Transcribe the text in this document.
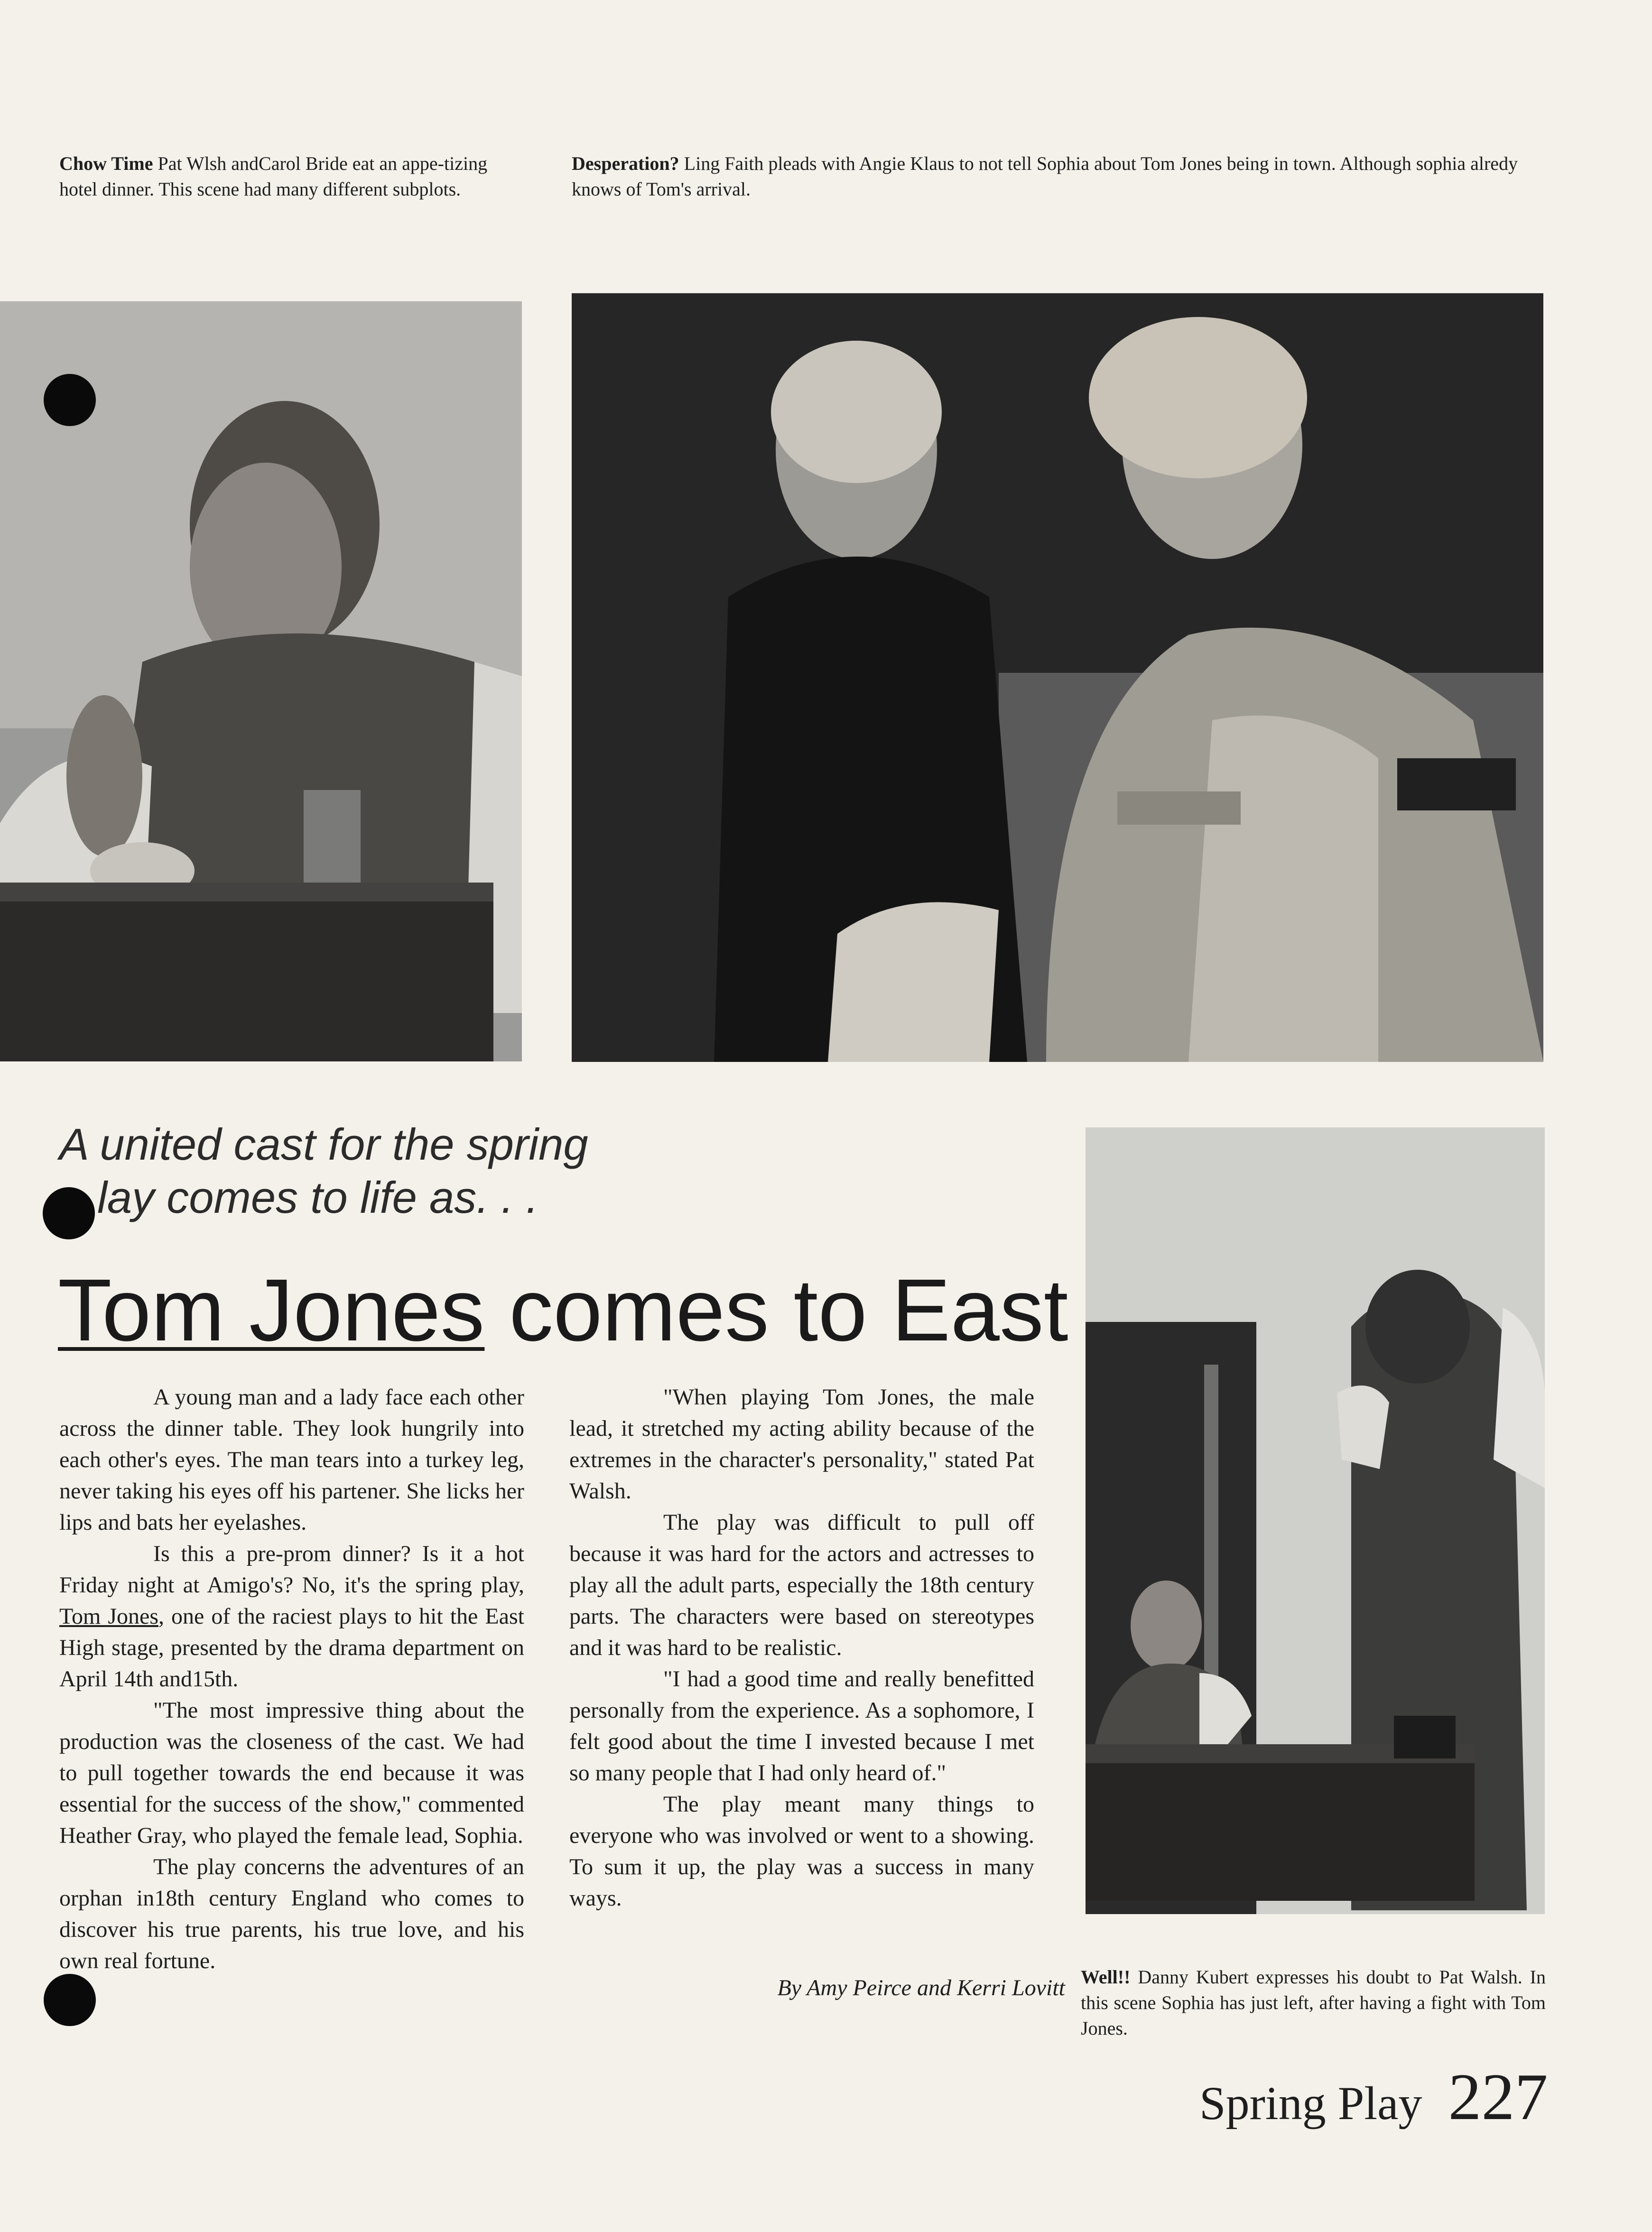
Chow Time Pat Wlsh andCarol Bride eat an appe-tizing hotel dinner. This scene had many different subplots.
Desperation? Ling Faith pleads with Angie Klaus to not tell Sophia about Tom Jones being in town. Although sophia alredy knows of Tom's arrival.
A united cast for the spring
lay comes to life as. . .
Tom Jones comes to East

A young man and a lady face each other across the dinner table. They look hungrily into each other's eyes. The man tears into a turkey leg, never taking his eyes off his partener. She licks her lips and bats her eyelashes.

Is this a pre-prom dinner? Is it a hot Friday night at Amigo's? No, it's the spring play, Tom Jones, one of the raciest plays to hit the East High stage, presented by the drama department on April 14th and15th.

"The most impressive thing about the production was the closeness of the cast. We had to pull together towards the end because it was essential for the success of the show," commented Heather Gray, who played the female lead, Sophia.

The play concerns the adventures of an orphan in18th century England who comes to discover his true parents, his true love, and his own real fortune.

"When playing Tom Jones, the male lead, it stretched my acting ability because of the extremes in the character's personality," stated Pat Walsh.

The play was difficult to pull off because it was hard for the actors and actresses to play all the adult parts, especially the 18th century parts. The characters were based on stereotypes and it was hard to be realistic.

"I had a good time and really benefitted personally from the experience. As a sophomore, I felt good about the time I invested because I met so many people that I had only heard of."

The play meant many things to everyone who was involved or went to a showing. To sum it up, the play was a success in many ways.

By Amy Peirce and Kerri Lovitt Well!! Danny Kubert expresses his doubt to Pat Walsh. In this scene Sophia has just left, after having a fight with Tom Jones.
Spring Play 227
